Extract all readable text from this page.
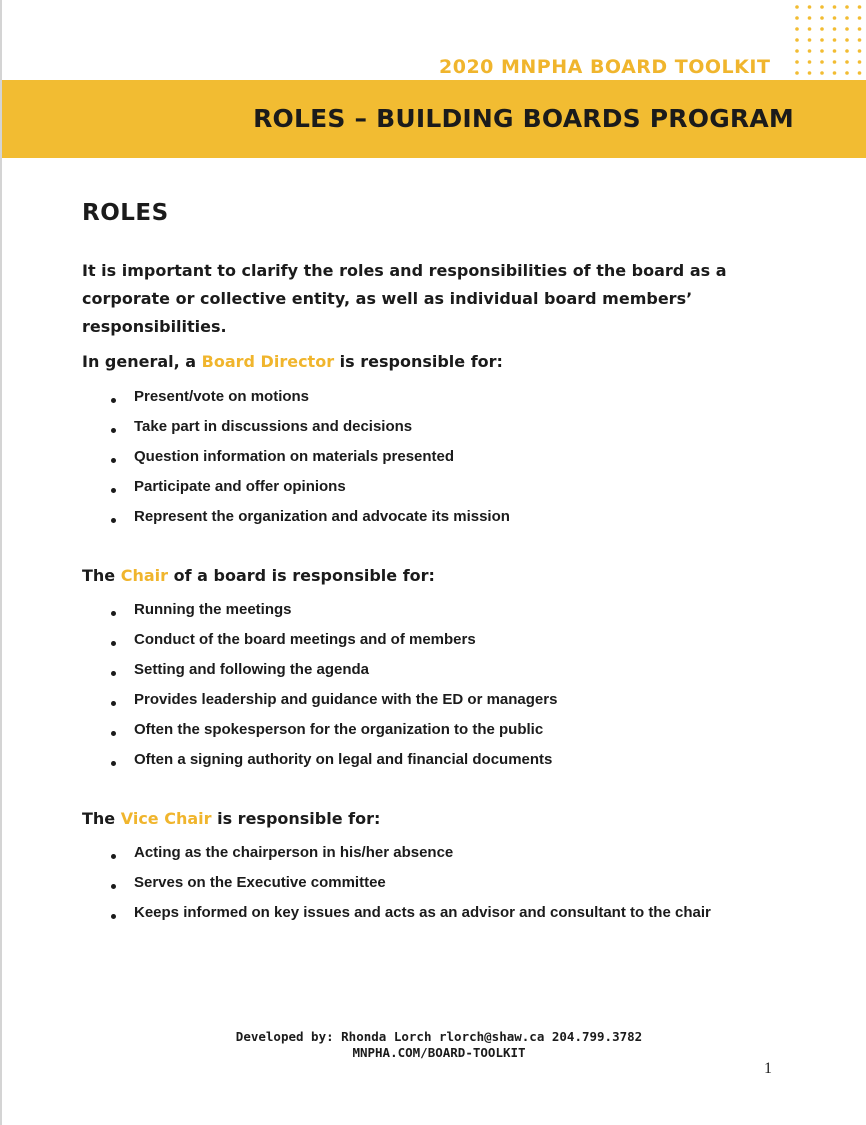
2020 MNPHA BOARD TOOLKIT
ROLES – BUILDING BOARDS PROGRAM
ROLES
It is important to clarify the roles and responsibilities of the board as a corporate or collective entity, as well as individual board members’ responsibilities.
In general, a Board Director is responsible for:
Present/vote on motions
Take part in discussions and decisions
Question information on materials presented
Participate and offer opinions
Represent the organization and advocate its mission
The Chair of a board is responsible for:
Running the meetings
Conduct of the board meetings and of members
Setting and following the agenda
Provides leadership and guidance with the ED or managers
Often the spokesperson for the organization to the public
Often a signing authority on legal and financial documents
The Vice Chair is responsible for:
Acting as the chairperson in his/her absence
Serves on the Executive committee
Keeps informed on key issues and acts as an advisor and consultant to the chair
Developed by: Rhonda Lorch rlorch@shaw.ca 204.799.3782
MNPHA.COM/BOARD-TOOLKIT
1
